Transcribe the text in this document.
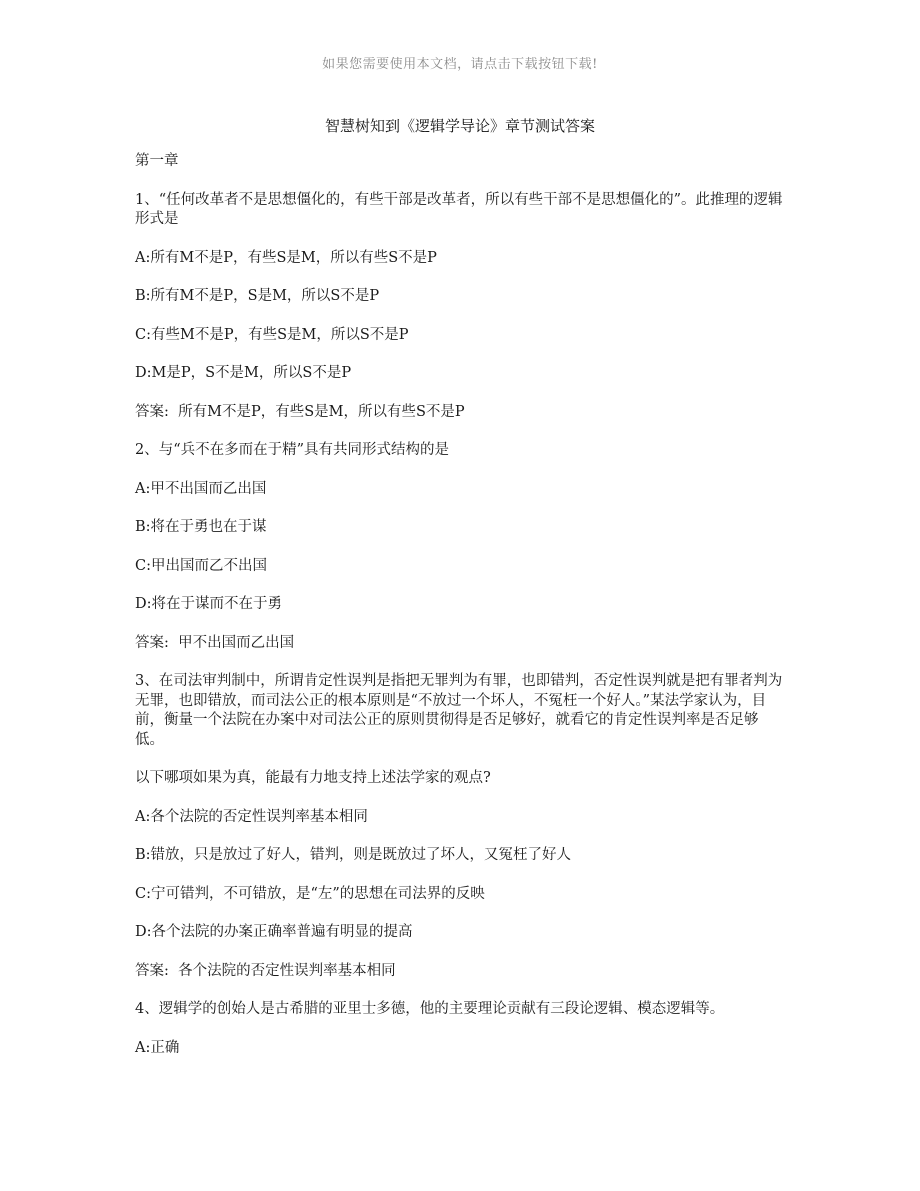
如果您需要使用本文档，请点击下载按钮下载!
智慧树知到《逻辑学导论》章节测试答案

第一章

1、“任何改革者不是思想僵化的，有些干部是改革者，所以有些干部不是思想僵化的”。此推理的逻辑形式是

A:所有M不是P，有些S是M，所以有些S不是P

B:所有M不是P，S是M，所以S不是P

C:有些M不是P，有些S是M，所以S不是P

D:M是P，S不是M，所以S不是P

答案:  所有M不是P，有些S是M，所以有些S不是P

2、与“兵不在多而在于精”具有共同形式结构的是

A:甲不出国而乙出国

B:将在于勇也在于谋

C:甲出国而乙不出国

D:将在于谋而不在于勇

答案:  甲不出国而乙出国

3、在司法审判制中，所谓肯定性误判是指把无罪判为有罪，也即错判，否定性误判就是把有罪者判为无罪，也即错放，而司法公正的根本原则是“不放过一个坏人，不冤枉一个好人。”某法学家认为，目前，衡量一个法院在办案中对司法公正的原则贯彻得是否足够好，就看它的肯定性误判率是否足够低。

以下哪项如果为真，能最有力地支持上述法学家的观点?

A:各个法院的否定性误判率基本相同

B:错放，只是放过了好人，错判，则是既放过了坏人，又冤枉了好人

C:宁可错判，不可错放，是“左”的思想在司法界的反映

D:各个法院的办案正确率普遍有明显的提高

答案:  各个法院的否定性误判率基本相同

4、逻辑学的创始人是古希腊的亚里士多德，他的主要理论贡献有三段论逻辑、模态逻辑等。

A:正确
